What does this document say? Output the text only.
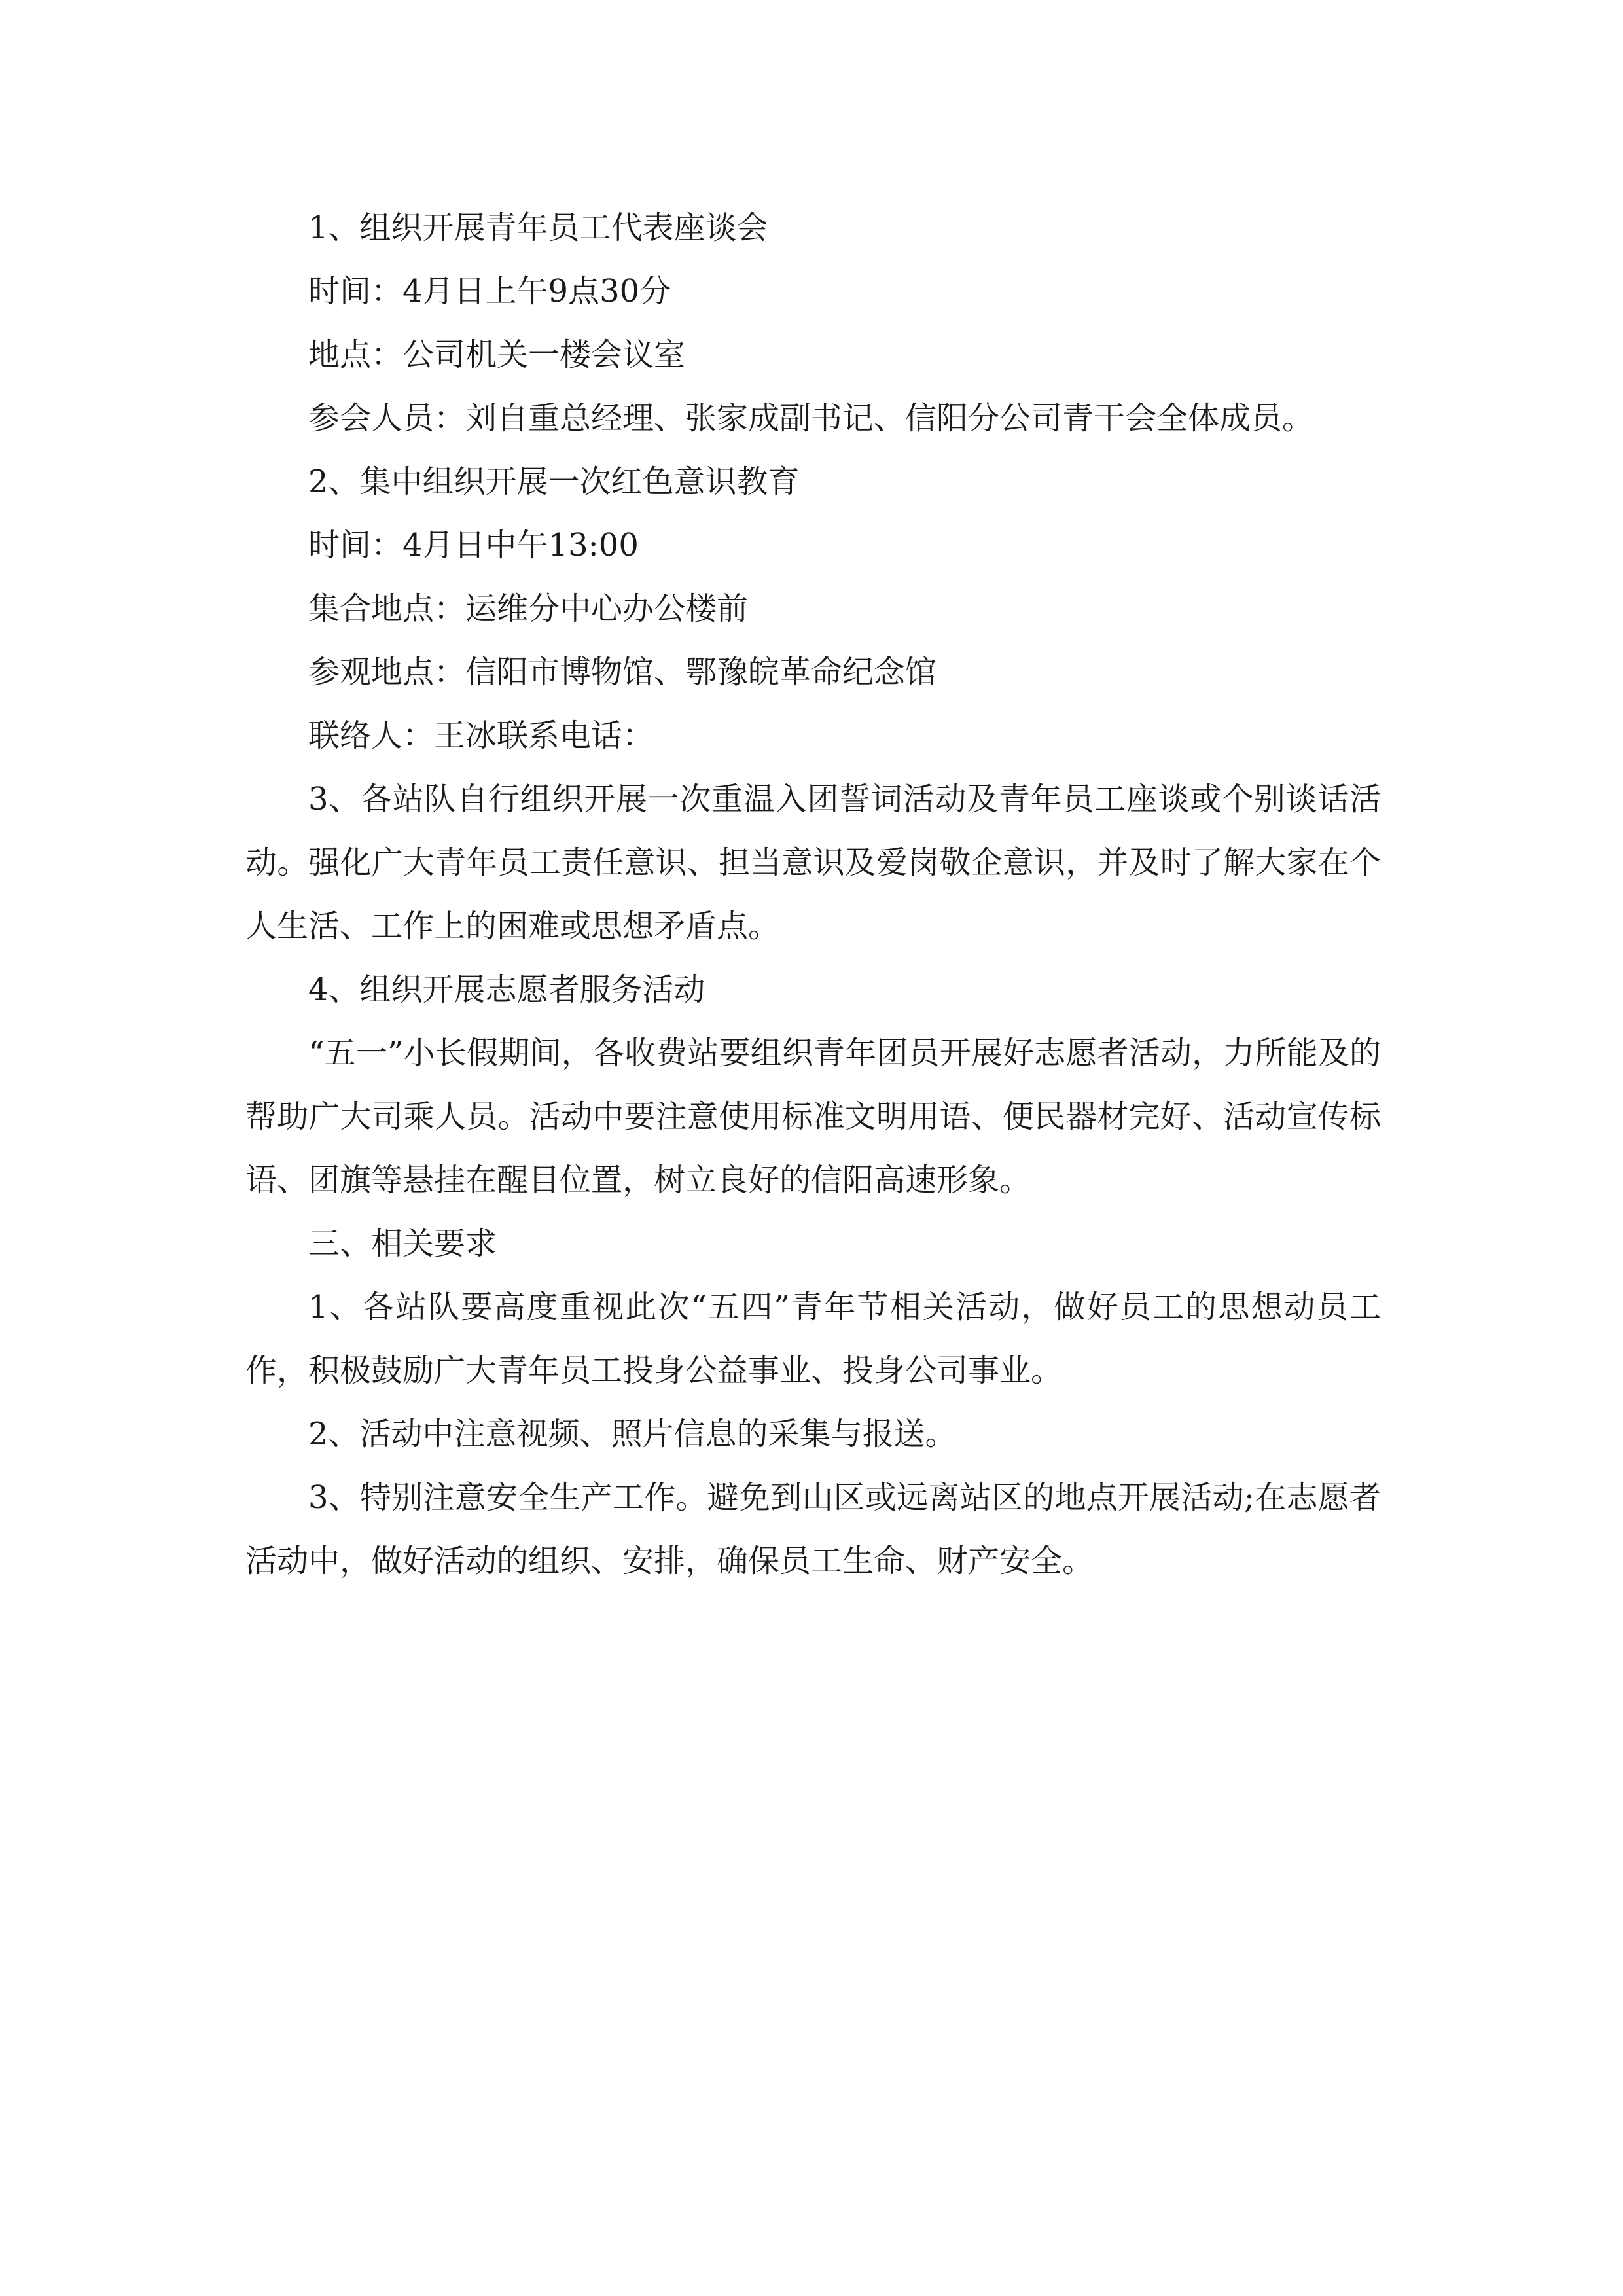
1、组织开展青年员工代表座谈会

时间：4月日上午9点30分

地点：公司机关一楼会议室

参会人员：刘自重总经理、张家成副书记、信阳分公司青干会全体成员。

2、集中组织开展一次红色意识教育

时间：4月日中午13:00

集合地点：运维分中心办公楼前

参观地点：信阳市博物馆、鄂豫皖革命纪念馆

联络人：王冰联系电话：

3、各站队自行组织开展一次重温入团誓词活动及青年员工座谈或个别谈话活动。强化广大青年员工责任意识、担当意识及爱岗敬企意识，并及时了解大家在个人生活、工作上的困难或思想矛盾点。

4、组织开展志愿者服务活动

“五一”小长假期间，各收费站要组织青年团员开展好志愿者活动，力所能及的帮助广大司乘人员。活动中要注意使用标准文明用语、便民器材完好、活动宣传标语、团旗等悬挂在醒目位置，树立良好的信阳高速形象。

三、相关要求

1、各站队要高度重视此次“五四”青年节相关活动，做好员工的思想动员工作，积极鼓励广大青年员工投身公益事业、投身公司事业。

2、活动中注意视频、照片信息的采集与报送。

3、特别注意安全生产工作。避免到山区或远离站区的地点开展活动;在志愿者活动中，做好活动的组织、安排，确保员工生命、财产安全。
